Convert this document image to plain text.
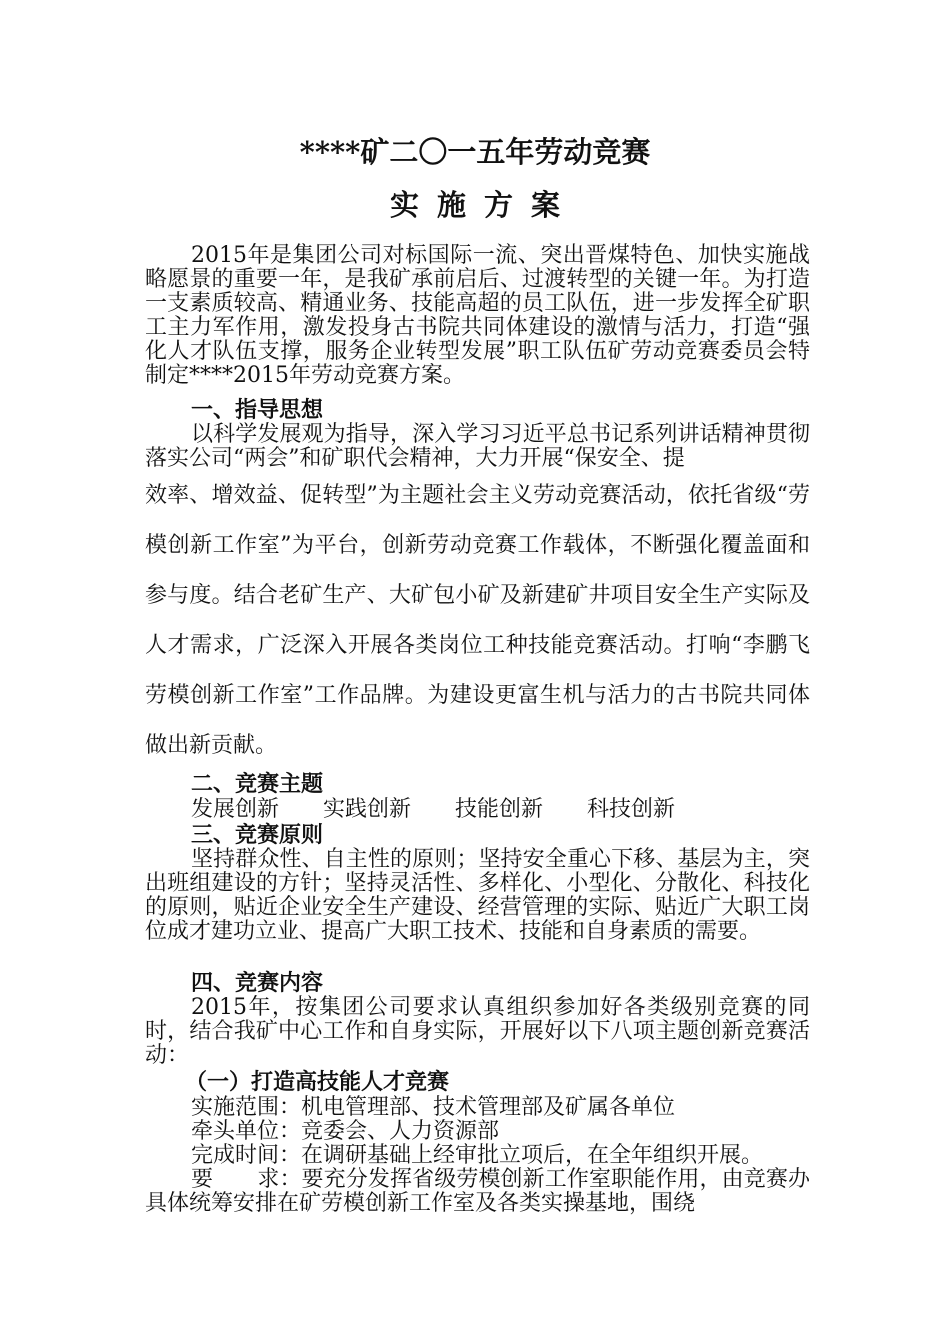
****矿二〇一五年劳动竞赛
实施方案

2015年是集团公司对标国际一流、突出晋煤特色、加快实施战略愿景的重要一年，是我矿承前启后、过渡转型的关键一年。为打造一支素质较高、精通业务、技能高超的员工队伍，进一步发挥全矿职工主力军作用，激发投身古书院共同体建设的激情与活力，打造“强化人才队伍支撑，服务企业转型发展”职工队伍矿劳动竞赛委员会特制定****2015年劳动竞赛方案。

一、指导思想

以科学发展观为指导，深入学习习近平总书记系列讲话精神贯彻落实公司“两会”和矿职代会精神，大力开展“保安全、提

效率、增效益、促转型”为主题社会主义劳动竞赛活动，依托省级“劳模创新工作室”为平台，创新劳动竞赛工作载体，不断强化覆盖面和参与度。结合老矿生产、大矿包小矿及新建矿井项目安全生产实际及人才需求，广泛深入开展各类岗位工种技能竞赛活动。打响“李鹏飞劳模创新工作室”工作品牌。为建设更富生机与活力的古书院共同体做出新贡献。

二、竞赛主题

发展创新 实践创新 技能创新 科技创新

三、竞赛原则

坚持群众性、自主性的原则；坚持安全重心下移、基层为主，突出班组建设的方针；坚持灵活性、多样化、小型化、分散化、科技化的原则，贴近企业安全生产建设、经营管理的实际、贴近广大职工岗位成才建功立业、提高广大职工技术、技能和自身素质的需要。

四、竞赛内容

2015年，按集团公司要求认真组织参加好各类级别竞赛的同时，结合我矿中心工作和自身实际，开展好以下八项主题创新竞赛活动：

（一）打造高技能人才竞赛

实施范围：机电管理部、技术管理部及矿属各单位

牵头单位：竞委会、人力资源部

完成时间：在调研基础上经审批立项后，在全年组织开展。

要　　求：要充分发挥省级劳模创新工作室职能作用，由竞赛办具体统筹安排在矿劳模创新工作室及各类实操基地，围绕
